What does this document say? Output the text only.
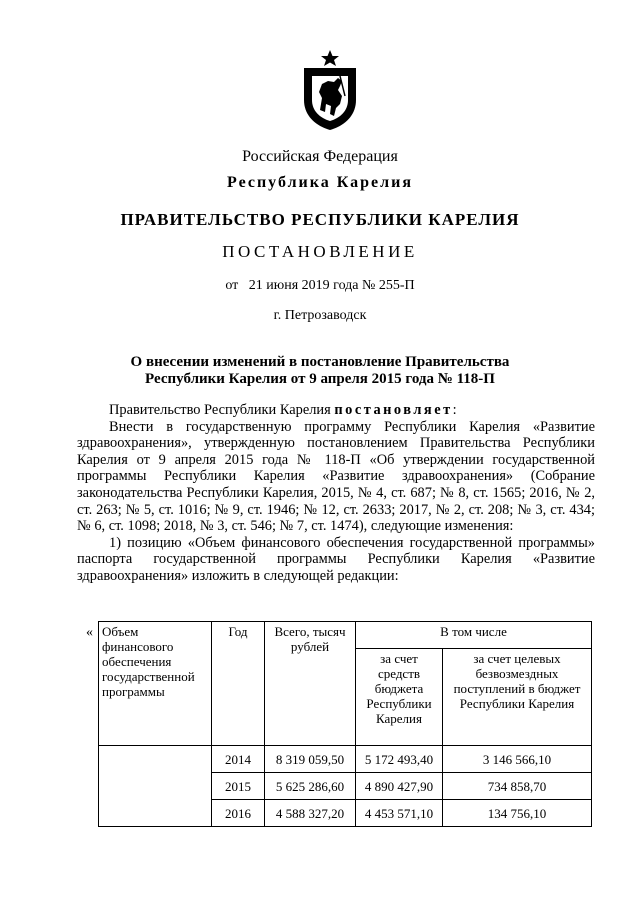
Российская Федерация
Республика Карелия
ПРАВИТЕЛЬСТВО РЕСПУБЛИКИ КАРЕЛИЯ
ПОСТАНОВЛЕНИЕ
от   21 июня 2019 года № 255-П
г. Петрозаводск
О внесении изменений в постановление Правительства
Республики Карелия от 9 апреля 2015 года № 118-П

Правительство Республики Карелия постановляет:

Внести в государственную программу Республики Карелия «Развитие здравоохранения», утвержденную постановлением Правительства Республики Карелия от 9 апреля 2015 года № 118-П «Об утверждении государственной программы Республики Карелия «Развитие здравоохранения» (Собрание законодательства Республики Карелия, 2015, № 4, ст. 687; № 8, ст. 1565; 2016, № 2, ст. 263; № 5, ст. 1016; № 9, ст. 1946; № 12, ст. 2633; 2017, № 2, ст. 208; № 3, ст. 434; № 6, ст. 1098; 2018, № 3, ст. 546; № 7, ст. 1474), следующие изменения:

1) позицию «Объем финансового обеспечения государственной программы» паспорта государственной программы Республики Карелия «Развитие здравоохранения» изложить в следующей редакции:

« Объем финансового обеспечения государственной программы	Год	Всего, тысяч рублей	В том числе	
			за счет средств бюджета Республики Карелия	за счет целевых безвозмездных поступлений в бюджет Республики Карелия
	2014	8 319 059,50	5 172 493,40	3 146 566,10
	2015	5 625 286,60	4 890 427,90	734 858,70
	2016	4 588 327,20	4 453 571,10	134 756,10
